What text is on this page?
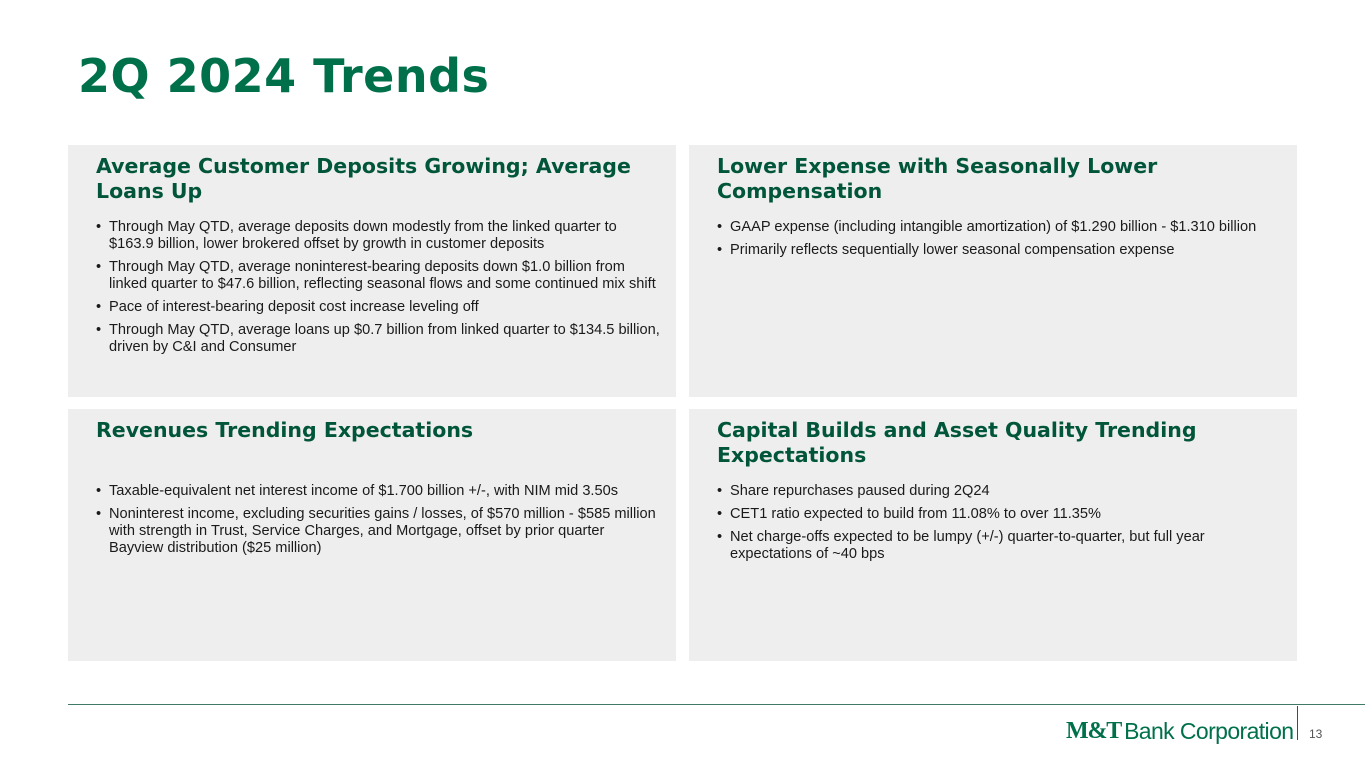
2Q 2024 Trends
Average Customer Deposits Growing; Average Loans Up
• Through May QTD, average deposits down modestly from the linked quarter to $163.9 billion, lower brokered offset by growth in customer deposits
• Through May QTD, average noninterest-bearing deposits down $1.0 billion from linked quarter to $47.6 billion, reflecting seasonal flows and some continued mix shift
• Pace of interest-bearing deposit cost increase leveling off
• Through May QTD, average loans up $0.7 billion from linked quarter to $134.5 billion, driven by C&I and Consumer
Lower Expense with Seasonally Lower Compensation
• GAAP expense (including intangible amortization) of $1.290 billion - $1.310 billion
• Primarily reflects sequentially lower seasonal compensation expense
Revenues Trending Expectations
• Taxable-equivalent net interest income of $1.700 billion +/-, with NIM mid 3.50s
• Noninterest income, excluding securities gains / losses, of $570 million - $585 million with strength in Trust, Service Charges, and Mortgage, offset by prior quarter Bayview distribution ($25 million)
Capital Builds and Asset Quality Trending Expectations
• Share repurchases paused during 2Q24
• CET1 ratio expected to build from 11.08% to over 11.35%
• Net charge-offs expected to be lumpy (+/-) quarter-to-quarter, but full year expectations of ~40 bps
M&T Bank Corporation 13
